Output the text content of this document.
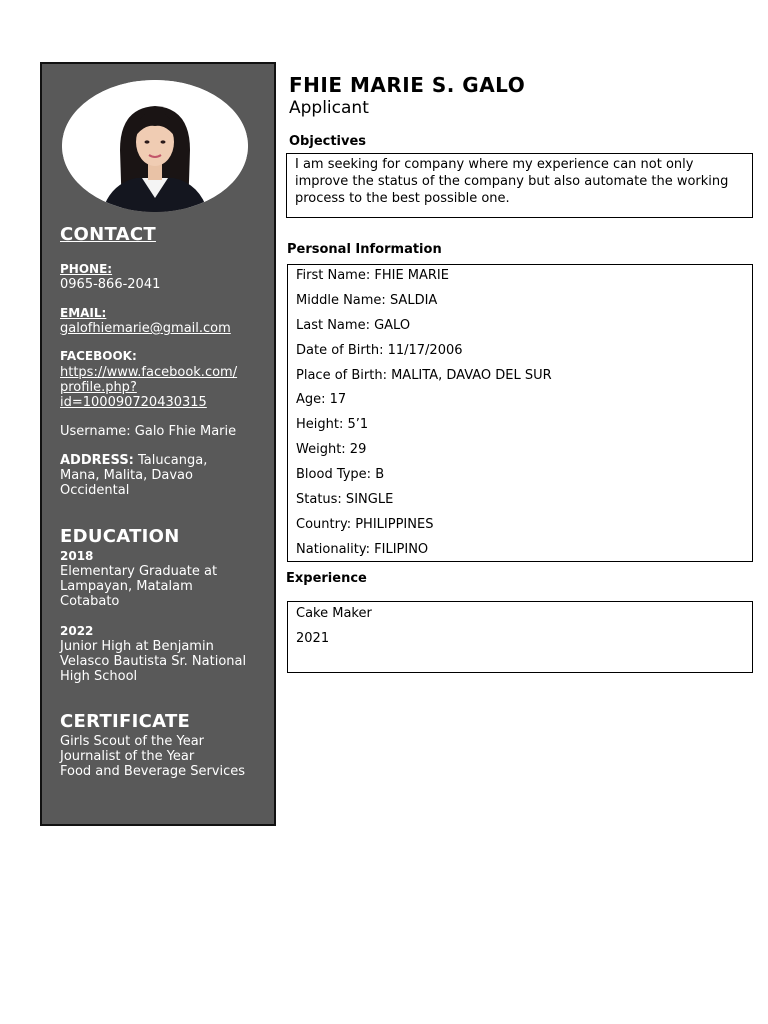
CONTACT
PHONE:
0965-866-2041
EMAIL:
galofhiemarie@gmail.com
FACEBOOK:
https://www.facebook.com/
profile.php?
id=100090720430315
Username: Galo Fhie Marie
ADDRESS: Talucanga,
Mana, Malita, Davao
Occidental
EDUCATION
2018
Elementary Graduate at
Lampayan, Matalam
Cotabato
2022
Junior High at Benjamin
Velasco Bautista Sr. National
High School
CERTIFICATE
Girls Scout of the Year
Journalist of the Year
Food and Beverage Services
FHIE MARIE S. GALO
Applicant
Objectives
I am seeking for company where my experience can not only
improve the status of the company but also automate the working
process to the best possible one.
Personal Information
First Name: FHIE MARIE
Middle Name: SALDIA
Last Name: GALO
Date of Birth: 11/17/2006
Place of Birth: MALITA, DAVAO DEL SUR
Age: 17
Height: 5’1
Weight: 29
Blood Type: B
Status: SINGLE
Country: PHILIPPINES
Nationality: FILIPINO
Experience
Cake Maker
2021
